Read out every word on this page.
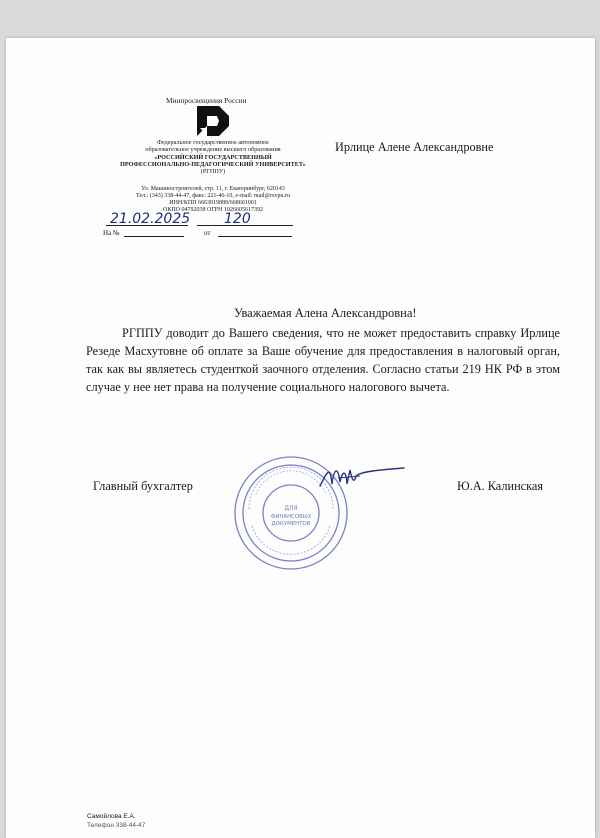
Минпросвещения России
Федеральное государственное автономное
образовательное учреждение высшего образования
«РОССИЙСКИЙ ГОСУДАРСТВЕННЫЙ
ПРОФЕССИОНАЛЬНО-ПЕДАГОГИЧЕСКИЙ УНИВЕРСИТЕТ»
(РГППУ)
Ул. Машиностроителей, стр. 11, г. Екатеринбург, 620143
Тел.: (343) 338-44-47, факс: 221-46-10, e-mail: mail@rsvpu.ru
ИНН/КПП 6663019889/668601001
ОКПО 04792038 ОГРН 1026605617392
21.02.2025 120
На №	от
Ирлице Алене Александровне
Уважаемая Алена Александровна!
РГППУ доводит до Вашего сведения, что не может предоставить справку Ирлице Резеде Масхутовне об оплате за Ваше обучение для предоставления в налоговый орган, так как вы являетесь студенткой заочного отделения. Согласно статьи 219 НК РФ в этом случае у нее нет права на получение социального налогового вычета.
ДЛЯ
ФИНАНСОВЫХ
ДОКУМЕНТОВ
Главный бухгалтер	Ю.А. Калинская
Самойлова Е.А.
Телефон 338-44-47
